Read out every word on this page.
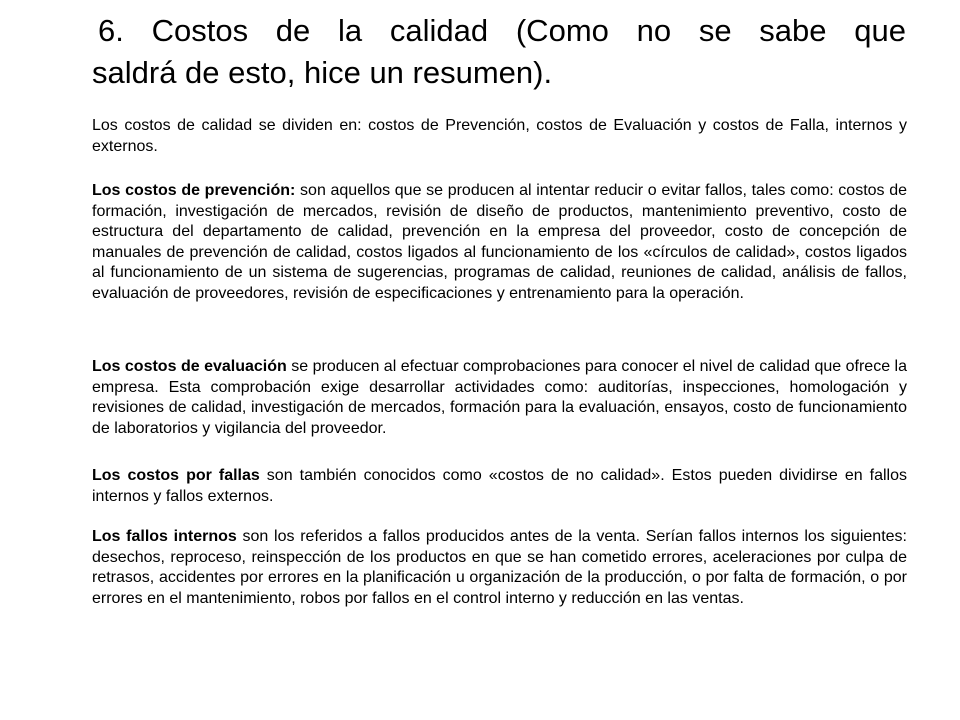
6. Costos de la calidad (Como no se sabe que
saldrá de esto, hice un resumen).

Los costos de calidad se dividen en: costos de Prevención, costos de Evaluación y costos de Falla, internos y externos.

Los costos de prevención: son aquellos que se producen al intentar reducir o evitar fallos, tales como: costos de formación, investigación de mercados, revisión de diseño de productos, mantenimiento preventivo, costo de estructura del departamento de calidad, prevención en la empresa del proveedor, costo de concepción de manuales de prevención de calidad, costos ligados al funcionamiento de los «círculos de calidad», costos ligados al funcionamiento de un sistema de sugerencias, programas de calidad, reuniones de calidad, análisis de fallos, evaluación de proveedores, revisión de especificaciones y entrenamiento para la operación.

Los costos de evaluación se producen al efectuar comprobaciones para conocer el nivel de calidad que ofrece la empresa. Esta comprobación exige desarrollar actividades como: auditorías, inspecciones, homologación y revisiones de calidad, investigación de mercados, formación para la evaluación, ensayos, costo de funcionamiento de laboratorios y vigilancia del proveedor.

Los costos por fallas son también conocidos como «costos de no calidad». Estos pueden dividirse en fallos internos y fallos externos.

Los fallos internos son los referidos a fallos producidos antes de la venta. Serían fallos internos los siguientes: desechos, reproceso, reinspección de los productos en que se han cometido errores, aceleraciones por culpa de retrasos, accidentes por errores en la planificación u organización de la producción, o por falta de formación, o por errores en el mantenimiento, robos por fallos en el control interno y reducción en las ventas.
